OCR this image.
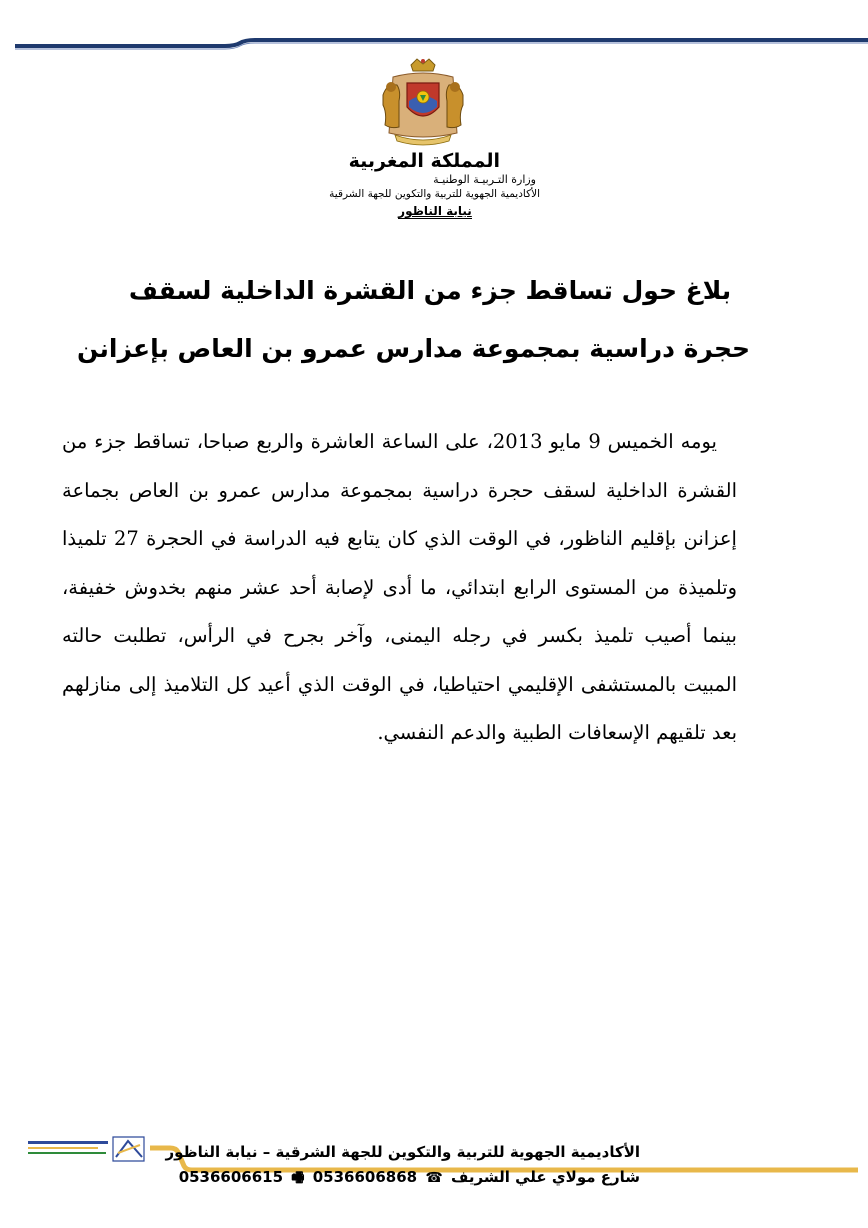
المملكة المغربية
وزارة التـربيـة الوطنيـة
الأكاديمية الجهوية للتربية والتكوين للجهة الشرقية
نيابة الناظور
بلاغ حول تساقط جزء من القشرة الداخلية لسقف
حجرة دراسية بمجموعة مدارس عمرو بن العاص بإعزانن
يومه الخميس 9 مايو 2013، على الساعة العاشرة والربع صباحا، تساقط جزء من القشرة الداخلية لسقف حجرة دراسية بمجموعة مدارس عمرو بن العاص بجماعة إعزانن بإقليم الناظور، في الوقت الذي كان يتابع فيه الدراسة في الحجرة 27 تلميذا وتلميذة من المستوى الرابع ابتدائي، ما أدى لإصابة أحد عشر منهم بخدوش خفيفة، بينما أصيب تلميذ بكسر في رجله اليمنى، وآخر بجرح في الرأس، تطلبت حالته المبيت بالمستشفى الإقليمي احتياطيا، في الوقت الذي أعيد كل التلاميذ إلى منازلهم بعد تلقيهم الإسعافات الطبية والدعم النفسي.
الأكاديمية الجهوية للتربية والتكوين للجهة الشرقية – نيابة الناظور
شارع مولاي علي الشريف ☎ 0536606868 🖷 0536606615
